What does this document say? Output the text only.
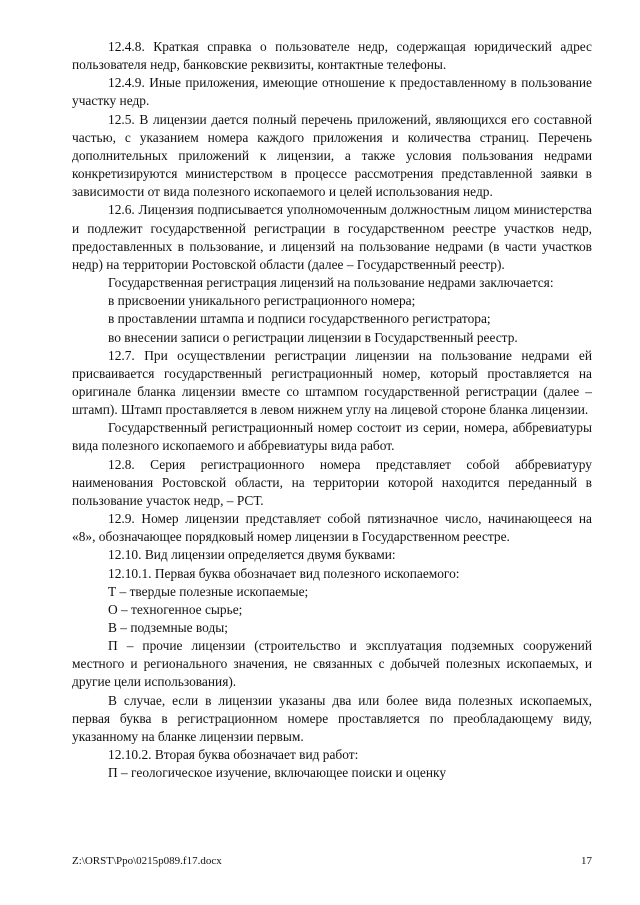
12.4.8. Краткая справка о пользователе недр, содержащая юридический адрес пользователя недр, банковские реквизиты, контактные телефоны.

12.4.9. Иные приложения, имеющие отношение к предоставленному в пользование участку недр.

12.5. В лицензии дается полный перечень приложений, являющихся его составной частью, с указанием номера каждого приложения и количества страниц. Перечень дополнительных приложений к лицензии, а также условия пользования недрами конкретизируются министерством в процессе рассмотрения представленной заявки в зависимости от вида полезного ископаемого и целей использования недр.

12.6. Лицензия подписывается уполномоченным должностным лицом министерства и подлежит государственной регистрации в государственном реестре участков недр, предоставленных в пользование, и лицензий на пользование недрами (в части участков недр) на территории Ростовской области (далее – Государственный реестр).

Государственная регистрация лицензий на пользование недрами заключается:

в присвоении уникального регистрационного номера;

в проставлении штампа и подписи государственного регистратора;

во внесении записи о регистрации лицензии в Государственный реестр.

12.7. При осуществлении регистрации лицензии на пользование недрами ей присваивается государственный регистрационный номер, который проставляется на оригинале бланка лицензии вместе со штампом государственной регистрации (далее – штамп). Штамп проставляется в левом нижнем углу на лицевой стороне бланка лицензии.

Государственный регистрационный номер состоит из серии, номера, аббревиатуры вида полезного ископаемого и аббревиатуры вида работ.

12.8. Серия регистрационного номера представляет собой аббревиатуру наименования Ростовской области, на территории которой находится переданный в пользование участок недр, – РСТ.

12.9. Номер лицензии представляет собой пятизначное число, начинающееся на «8», обозначающее порядковый номер лицензии в Государственном реестре.

12.10. Вид лицензии определяется двумя буквами:

12.10.1. Первая буква обозначает вид полезного ископаемого:

Т – твердые полезные ископаемые;

О – техногенное сырье;

В – подземные воды;

П – прочие лицензии (строительство и эксплуатация подземных сооружений местного и регионального значения, не связанных с добычей полезных ископаемых, и другие цели использования).

В случае, если в лицензии указаны два или более вида полезных ископаемых, первая буква в регистрационном номере проставляется по преобладающему виду, указанному на бланке лицензии первым.

12.10.2. Вторая буква обозначает вид работ:

П – геологическое изучение, включающее поиски и оценку

Z:\ORST\Ppo\0215p089.f17.docx	17
